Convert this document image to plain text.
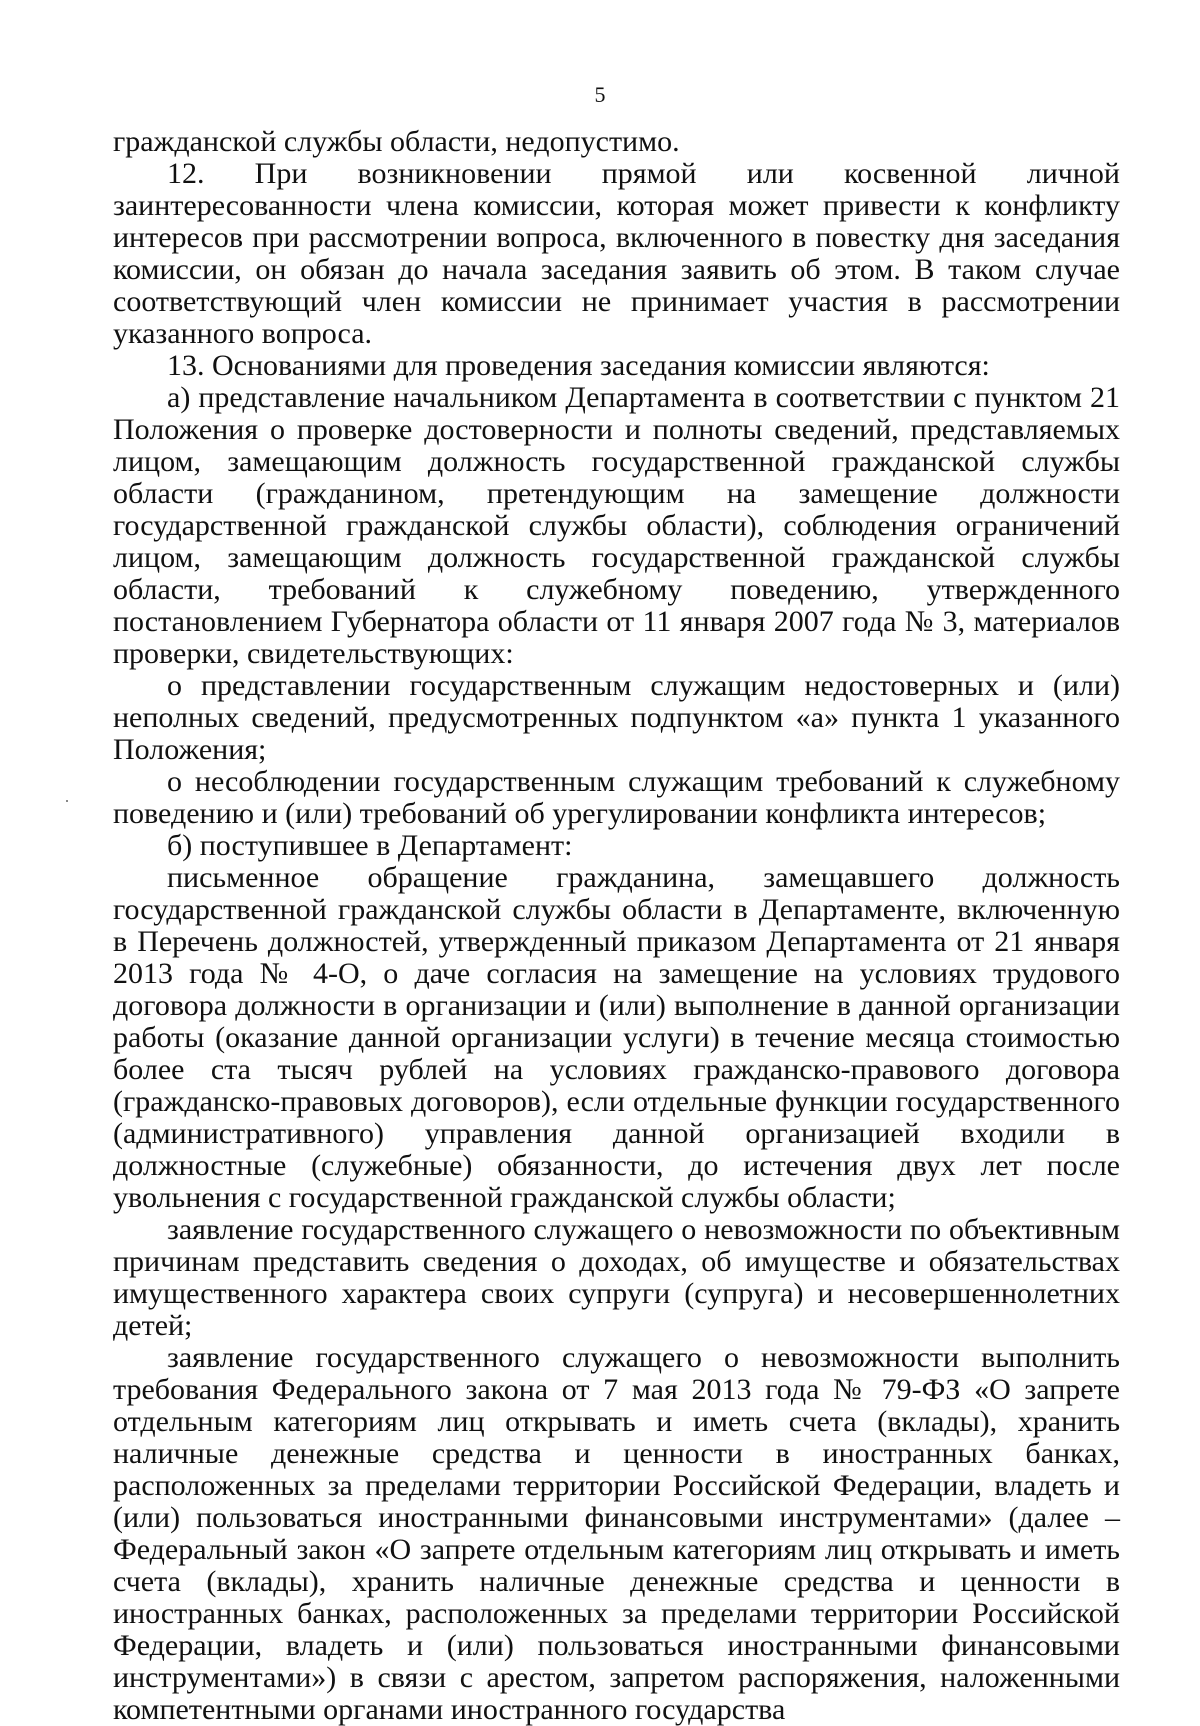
5

гражданской службы области, недопустимо.

12. При возникновении прямой или косвенной личной заинтересованности члена комиссии, которая может привести к конфликту интересов при рассмотрении вопроса, включенного в повестку дня заседания комиссии, он обязан до начала заседания заявить об этом. В таком случае соответствующий член комиссии не принимает участия в рассмотрении указанного вопроса.

13. Основаниями для проведения заседания комиссии являются:

а) представление начальником Департамента в соответствии с пунктом 21 Положения о проверке достоверности и полноты сведений, представляемых лицом, замещающим должность государственной гражданской службы области (гражданином, претендующим на замещение должности государственной гражданской службы области), соблюдения ограничений лицом, замещающим должность государственной гражданской службы области, требований к служебному поведению, утвержденного постановлением Губернатора области от 11 января 2007 года № 3, материалов проверки, свидетельствующих:

о представлении государственным служащим недостоверных и (или) неполных сведений, предусмотренных подпунктом «а» пункта 1 указанного Положения;

о несоблюдении государственным служащим требований к служебному поведению и (или) требований об урегулировании конфликта интересов;

б) поступившее в Департамент:

письменное обращение гражданина, замещавшего должность государственной гражданской службы области в Департаменте, включенную в Перечень должностей, утвержденный приказом Департамента от 21 января 2013 года № 4-О, о даче согласия на замещение на условиях трудового договора должности в организации и (или) выполнение в данной организации работы (оказание данной организации услуги) в течение месяца стоимостью более ста тысяч рублей на условиях гражданско-правового договора (гражданско-правовых договоров), если отдельные функции государственного (административного) управления данной организацией входили в должностные (служебные) обязанности, до истечения двух лет после увольнения с государственной гражданской службы области;

заявление государственного служащего о невозможности по объективным причинам представить сведения о доходах, об имуществе и обязательствах имущественного характера своих супруги (супруга) и несовершеннолетних детей;

заявление государственного служащего о невозможности выполнить требования Федерального закона от 7 мая 2013 года № 79-ФЗ «О запрете отдельным категориям лиц открывать и иметь счета (вклады), хранить наличные денежные средства и ценности в иностранных банках, расположенных за пределами территории Российской Федерации, владеть и (или) пользоваться иностранными финансовыми инструментами» (далее – Федеральный закон «О запрете отдельным категориям лиц открывать и иметь счета (вклады), хранить наличные денежные средства и ценности в иностранных банках, расположенных за пределами территории Российской Федерации, владеть и (или) пользоваться иностранными финансовыми инструментами») в связи с арестом, запретом распоряжения, наложенными компетентными органами иностранного государства
